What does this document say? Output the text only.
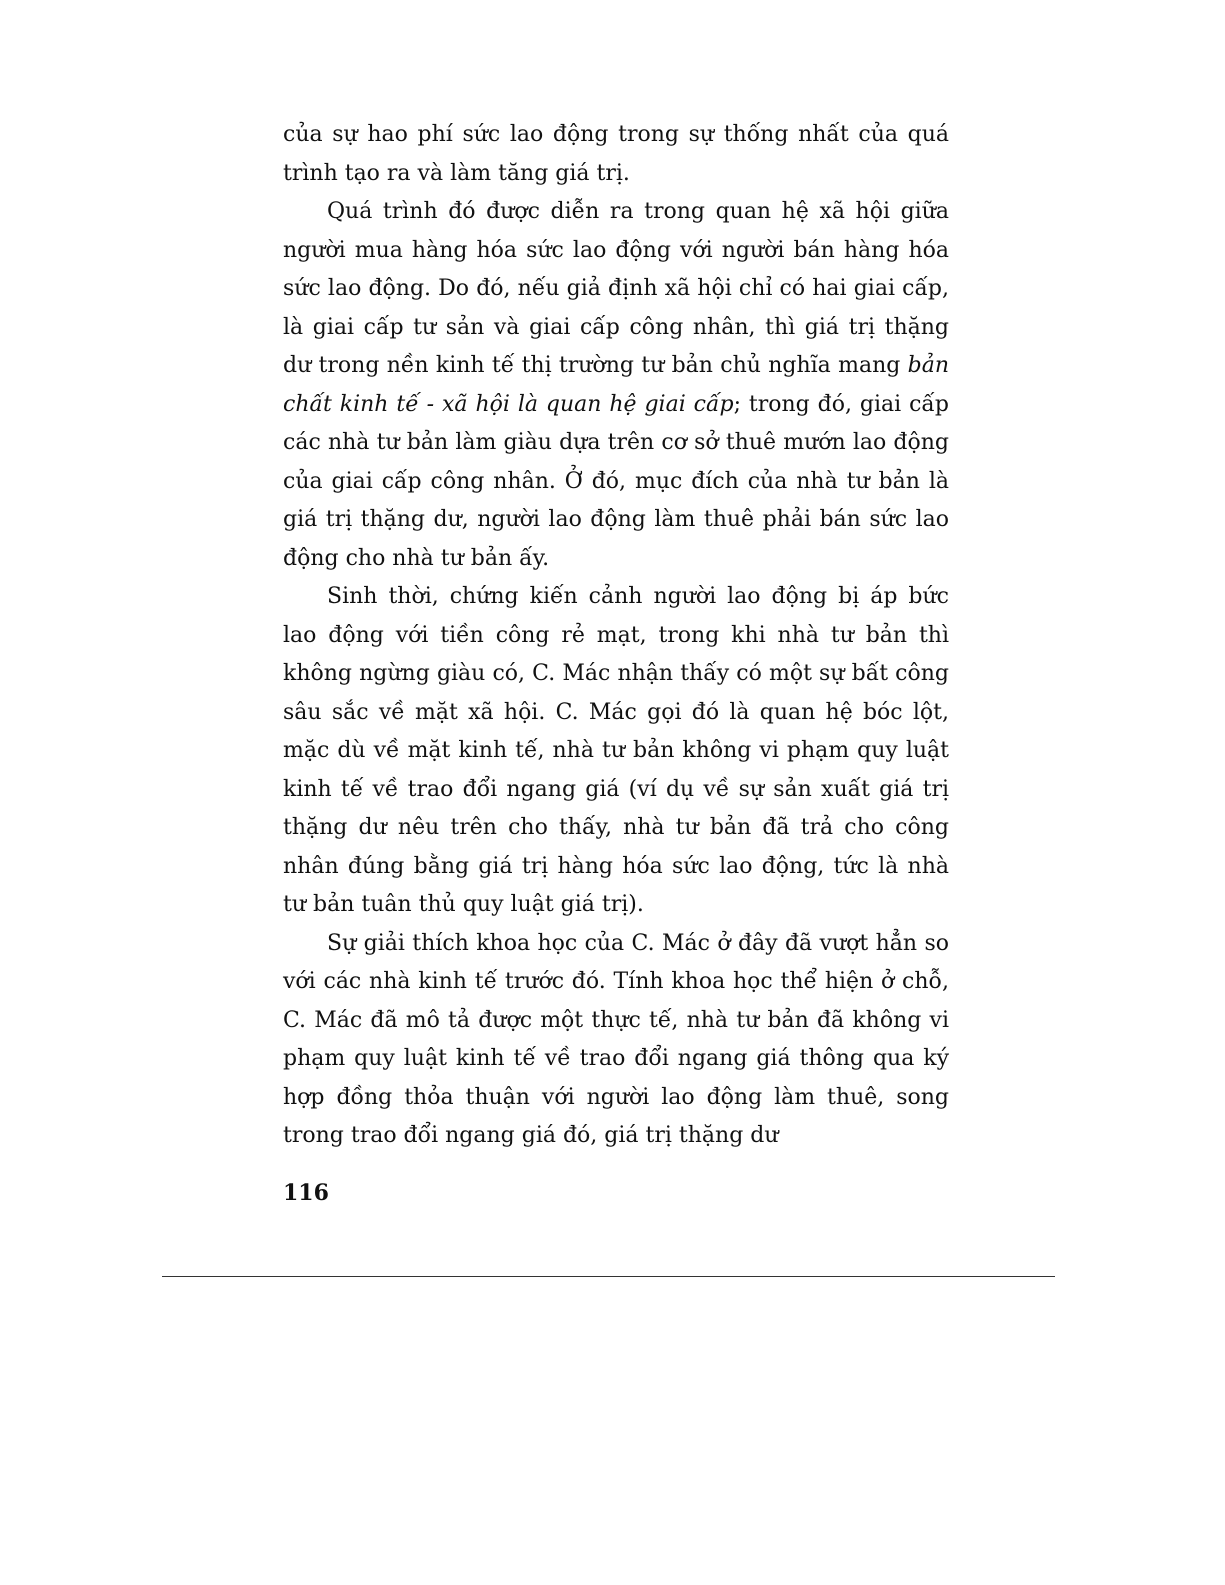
của sự hao phí sức lao động trong sự thống nhất của quá trình tạo ra và làm tăng giá trị.

Quá trình đó được diễn ra trong quan hệ xã hội giữa người mua hàng hóa sức lao động với người bán hàng hóa sức lao động. Do đó, nếu giả định xã hội chỉ có hai giai cấp, là giai cấp tư sản và giai cấp công nhân, thì giá trị thặng dư trong nền kinh tế thị trường tư bản chủ nghĩa mang bản chất kinh tế - xã hội là quan hệ giai cấp; trong đó, giai cấp các nhà tư bản làm giàu dựa trên cơ sở thuê mướn lao động của giai cấp công nhân. Ở đó, mục đích của nhà tư bản là giá trị thặng dư, người lao động làm thuê phải bán sức lao động cho nhà tư bản ấy.

Sinh thời, chứng kiến cảnh người lao động bị áp bức lao động với tiền công rẻ mạt, trong khi nhà tư bản thì không ngừng giàu có, C. Mác nhận thấy có một sự bất công sâu sắc về mặt xã hội. C. Mác gọi đó là quan hệ bóc lột, mặc dù về mặt kinh tế, nhà tư bản không vi phạm quy luật kinh tế về trao đổi ngang giá (ví dụ về sự sản xuất giá trị thặng dư nêu trên cho thấy, nhà tư bản đã trả cho công nhân đúng bằng giá trị hàng hóa sức lao động, tức là nhà tư bản tuân thủ quy luật giá trị).

Sự giải thích khoa học của C. Mác ở đây đã vượt hẳn so với các nhà kinh tế trước đó. Tính khoa học thể hiện ở chỗ, C. Mác đã mô tả được một thực tế, nhà tư bản đã không vi phạm quy luật kinh tế về trao đổi ngang giá thông qua ký hợp đồng thỏa thuận với người lao động làm thuê, song trong trao đổi ngang giá đó, giá trị thặng dư

116
